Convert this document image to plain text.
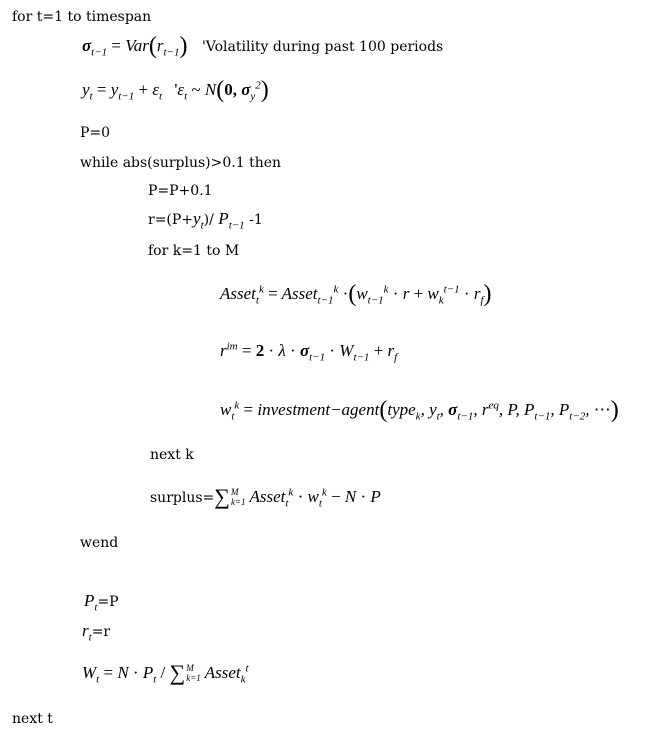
for t=1 to timespan
$\sigma_{t-1} = Var(r_{t-1})$ 'Volatility during past 100 periods
$y_t = y_{t-1} + \varepsilon_t$ '$\varepsilon_t$ ~ N(0, $\sigma_y^2$)
P=0
while abs(surplus)>0.1 then
P=P+0.1
$r=(P+y_t)/$ $P_{t-1}$ -1
for k=1 to M
Asset$_t^k$ = Asset$_{t-1}^k$ $\cdot(w_{t-1}^k \cdot r + w_k^{t-1} \cdot r_f)$
$r^{im} = 2 \cdot \lambda \cdot \sigma_{t-1} \cdot W_{t-1} + r_f$
$w_t^k$ = investment−agent(type$_k$, $y_t$, $\sigma_{t-1}$, $r^{eq}$, P, $P_{t-1}$, $P_{t-2}$, ⋯)
next k
surplus=∑ M
k=1 Asset$_t^k$ · $w_t^k - N \cdot P$
wend
$P_t=P$
$r_t=r$
$W_t = N \cdot P_t$ / ∑ M
k=1 Asset$_k^t$
next t
